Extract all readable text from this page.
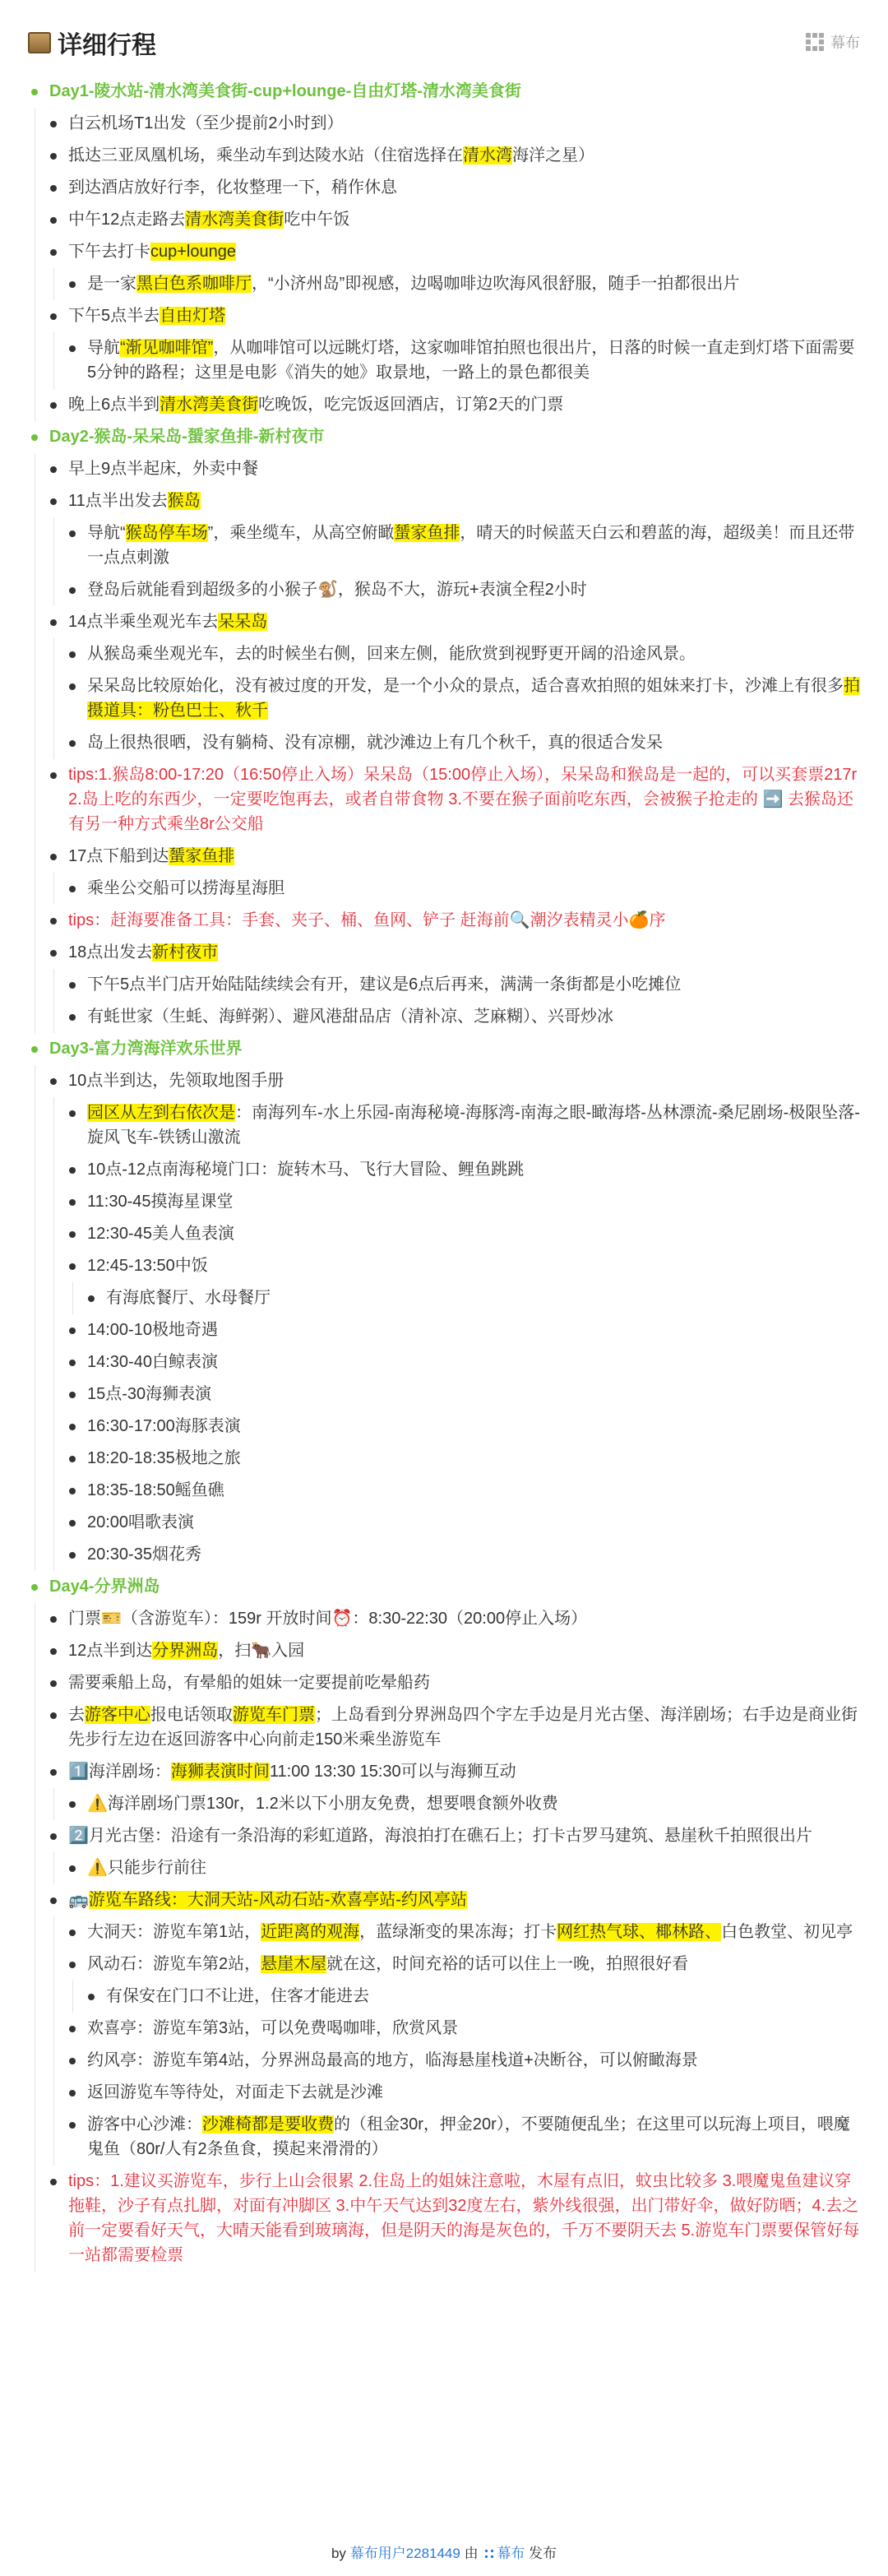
详细行程	幕布
Day1-陵水站-清水湾美食街-cup+lounge-自由灯塔-清水湾美食街
白云机场T1出发（至少提前2小时到）
抵达三亚凤凰机场，乘坐动车到达陵水站（住宿选择在清水湾海洋之星）
到达酒店放好行李，化妆整理一下，稍作休息
中午12点走路去清水湾美食街吃中午饭
下午去打卡cup+lounge
是一家黑白色系咖啡厅，“小济州岛”即视感，边喝咖啡边吹海风很舒服，随手一拍都很出片
下午5点半去自由灯塔
导航“渐见咖啡馆”，从咖啡馆可以远眺灯塔，这家咖啡馆拍照也很出片，日落的时候一直走到灯塔下面需要5分钟的路程；这里是电影《消失的她》取景地，一路上的景色都很美
晚上6点半到清水湾美食街吃晚饭，吃完饭返回酒店，订第2天的门票
Day2-猴岛-呆呆岛-蜑家鱼排-新村夜市
早上9点半起床，外卖中餐
11点半出发去猴岛
导航“猴岛停车场”，乘坐缆车，从高空俯瞰蜑家鱼排，晴天的时候蓝天白云和碧蓝的海，超级美！而且还带一点点刺激
登岛后就能看到超级多的小猴子🐒，猴岛不大，游玩+表演全程2小时
14点半乘坐观光车去呆呆岛
从猴岛乘坐观光车，去的时候坐右侧，回来左侧，能欣赏到视野更开阔的沿途风景。
呆呆岛比较原始化，没有被过度的开发，是一个小众的景点，适合喜欢拍照的姐妹来打卡，沙滩上有很多拍摄道具：粉色巴士、秋千
岛上很热很晒，没有躺椅、没有凉棚，就沙滩边上有几个秋千，真的很适合发呆
tips:1.猴岛8:00-17:20（16:50停止入场）呆呆岛（15:00停止入场），呆呆岛和猴岛是一起的，可以买套票217r 2.岛上吃的东西少，一定要吃饱再去，或者自带食物 3.不要在猴子面前吃东西，会被猴子抢走的 ➡️ 去猴岛还有另一种方式乘坐8r公交船
17点下船到达蜑家鱼排
乘坐公交船可以捞海星海胆
tips：赶海要准备工具：手套、夹子、桶、鱼网、铲子 赶海前🔍潮汐表精灵小🍊序
18点出发去新村夜市
下午5点半门店开始陆陆续续会有开，建议是6点后再来，满满一条街都是小吃摊位
有蚝世家（生蚝、海鲜粥）、避风港甜品店（清补凉、芝麻糊）、兴哥炒冰
Day3-富力湾海洋欢乐世界
10点半到达，先领取地图手册
园区从左到右依次是：南海列车-水上乐园-南海秘境-海豚湾-南海之眼-瞰海塔-丛林漂流-桑尼剧场-极限坠落-旋风飞车-铁锈山激流
10点-12点南海秘境门口：旋转木马、飞行大冒险、鲤鱼跳跳
11:30-45摸海星课堂
12:30-45美人鱼表演
12:45-13:50中饭
有海底餐厅、水母餐厅
14:00-10极地奇遇
14:30-40白鲸表演
15点-30海狮表演
16:30-17:00海豚表演
18:20-18:35极地之旅
18:35-18:50鳐鱼礁
20:00唱歌表演
20:30-35烟花秀
Day4-分界洲岛
门票🎫（含游览车）：159r 开放时间⏰：8:30-22:30（20:00停止入场）
12点半到达分界洲岛，扫🐂入园
需要乘船上岛，有晕船的姐妹一定要提前吃晕船药
去游客中心报电话领取游览车门票；上岛看到分界洲岛四个字左手边是月光古堡、海洋剧场；右手边是商业街先步行左边在返回游客中心向前走150米乘坐游览车
1️⃣海洋剧场：海狮表演时间11:00 13:30 15:30可以与海狮互动
⚠️海洋剧场门票130r，1.2米以下小朋友免费，想要喂食额外收费
2️⃣月光古堡：沿途有一条沿海的彩虹道路，海浪拍打在礁石上；打卡古罗马建筑、悬崖秋千拍照很出片
⚠️只能步行前往
🚌游览车路线：大洞天站-风动石站-欢喜亭站-约风亭站
大洞天：游览车第1站，近距离的观海，蓝绿渐变的果冻海；打卡网红热气球、椰林路、白色教堂、初见亭
风动石：游览车第2站，悬崖木屋就在这，时间充裕的话可以住上一晚，拍照很好看
有保安在门口不让进，住客才能进去
欢喜亭：游览车第3站，可以免费喝咖啡，欣赏风景
约风亭：游览车第4站，分界洲岛最高的地方，临海悬崖栈道+决断谷，可以俯瞰海景
返回游览车等待处，对面走下去就是沙滩
游客中心沙滩：沙滩椅都是要收费的（租金30r，押金20r），不要随便乱坐；在这里可以玩海上项目，喂魔鬼鱼（80r/人有2条鱼食，摸起来滑滑的）
tips：1.建议买游览车，步行上山会很累 2.住岛上的姐妹注意啦，木屋有点旧，蚊虫比较多 3.喂魔鬼鱼建议穿拖鞋，沙子有点扎脚，对面有冲脚区 3.中午天气达到32度左右，紫外线很强，出门带好伞，做好防晒；4.去之前一定要看好天气，大晴天能看到玻璃海，但是阴天的海是灰色的，千万不要阴天去 5.游览车门票要保管好每一站都需要检票
by 幕布用户2281449 由 幕布 发布
